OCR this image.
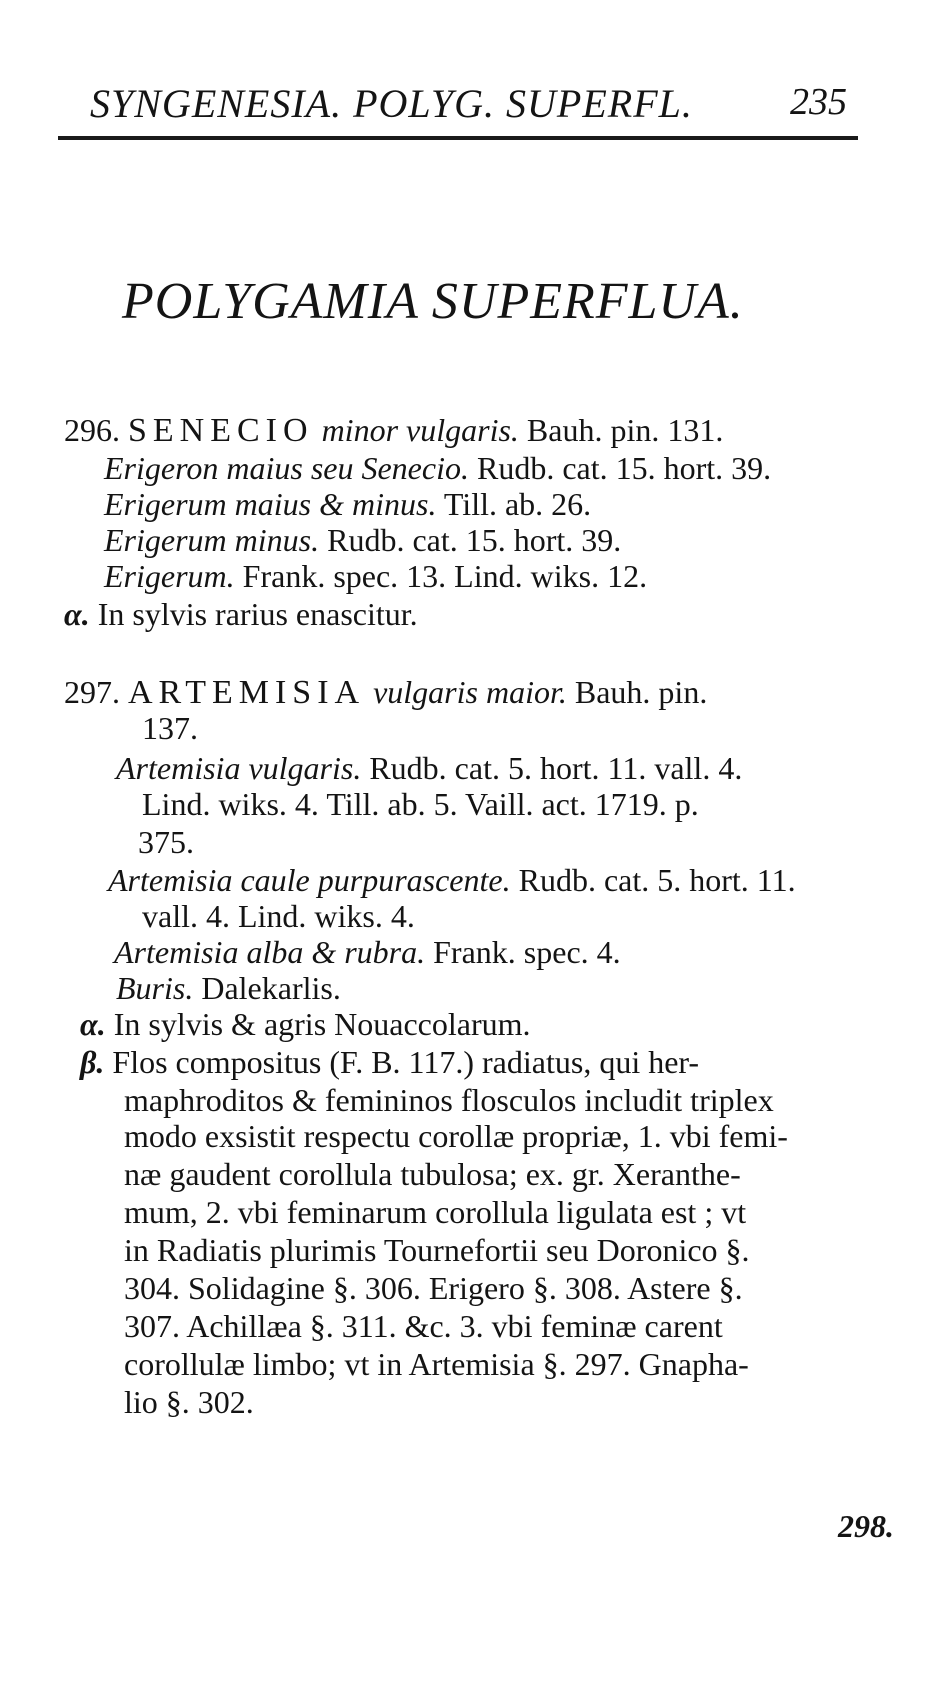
SYNGENESIA. POLYG. SUPERFL.	235
POLYGAMIA SUPERFLUA.
296. SENECIO minor vulgaris. Bauh. pin. 131.
Erigeron maius seu Senecio. Rudb. cat. 15. hort. 39.
Erigerum maius & minus. Till. ab. 26.
Erigerum minus. Rudb. cat. 15. hort. 39.
Erigerum. Frank. spec. 13. Lind. wiks. 12.
α. In sylvis rarius enascitur.
297. ARTEMISIA vulgaris maior. Bauh. pin.
137.
Artemisia vulgaris. Rudb. cat. 5. hort. 11. vall. 4.
Lind. wiks. 4. Till. ab. 5. Vaill. act. 1719. p.
375.
Artemisia caule purpurascente. Rudb. cat. 5. hort. 11.
vall. 4. Lind. wiks. 4.
Artemisia alba & rubra. Frank. spec. 4.
Buris. Dalekarlis.
α. In sylvis & agris Nouaccolarum.
β. Flos compositus (F. B. 117.) radiatus, qui her-
maphroditos & femininos flosculos includit triplex
modo exsistit respectu corollæ propriæ, 1. vbi femi-
næ gaudent corollula tubulosa; ex. gr. Xeranthe-
mum, 2. vbi feminarum corollula ligulata est ; vt
in Radiatis plurimis Tournefortii seu Doronico §.
304. Solidagine §. 306. Erigero §. 308. Astere §.
307. Achillæa §. 311. &c. 3. vbi feminæ carent
corollulæ limbo; vt in Artemisia §. 297. Gnapha-
lio §. 302.
298.
